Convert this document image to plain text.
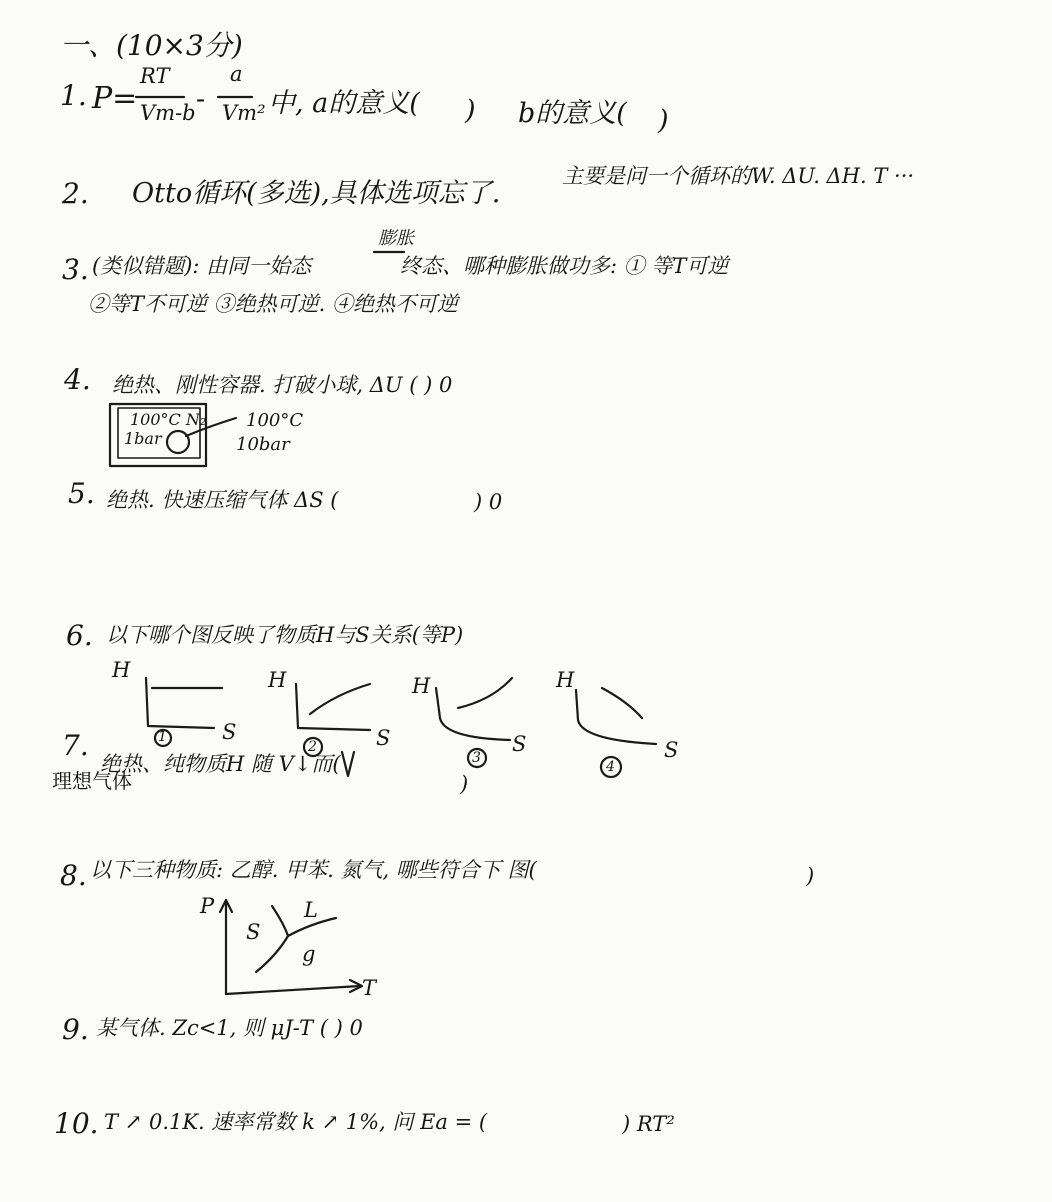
一、(10×3分)
1. P=
RT
Vm-b -
a
Vm² 中, a的意义( ) b的意义( )
2. Otto循环(多选),具体选项忘了.
主要是问一个循环的W. ΔU. ΔH. T ···
3. (类似错题): 由同一始态
膨胀
终态、哪种膨胀做功多: ① 等T可逆
②等T不可逆 ③绝热可逆. ④绝热不可逆
4. 绝热、刚性容器. 打破小球, ΔU ( ) 0
100°C N₂
1bar
100°C
10bar
5. 绝热. 快速压缩气体 ΔS (	) 0
6. 以下哪个图反映了物质H与S关系(等P)
H
S
1
H
S
2
H
S
3
H
S
4
7.
绝热、纯物质H 随 V↓而(
)
理想气体
8. 以下三种物质: 乙醇. 甲苯. 氮气, 哪些符合下 图(	)
P
T
S
L
g
9. 某气体. Zc<1, 则 μJ-T ( ) 0
10. T ↗ 0.1K. 速率常数 k ↗ 1%, 问 Ea = (	) RT²
